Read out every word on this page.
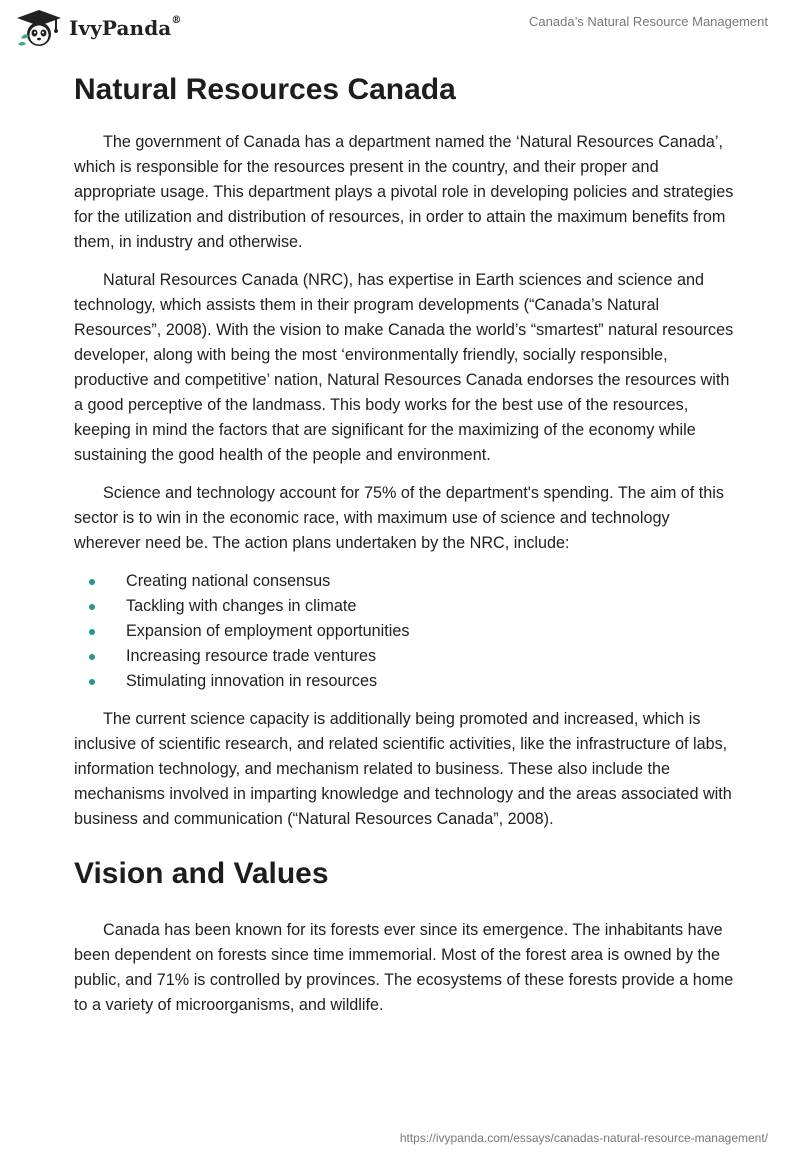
IvyPanda®	Canada’s Natural Resource Management
Natural Resources Canada

The government of Canada has a department named the ‘Natural Resources Canada’, which is responsible for the resources present in the country, and their proper and appropriate usage. This department plays a pivotal role in developing policies and strategies for the utilization and distribution of resources, in order to attain the maximum benefits from them, in industry and otherwise.

Natural Resources Canada (NRC), has expertise in Earth sciences and science and technology, which assists them in their program developments (“Canada’s Natural Resources”, 2008). With the vision to make Canada the world’s “smartest” natural resources developer, along with being the most ‘environmentally friendly, socially responsible, productive and competitive’ nation, Natural Resources Canada endorses the resources with a good perceptive of the landmass. This body works for the best use of the resources, keeping in mind the factors that are significant for the maximizing of the economy while sustaining the good health of the people and environment.

Science and technology account for 75% of the department's spending. The aim of this sector is to win in the economic race, with maximum use of science and technology wherever need be. The action plans undertaken by the NRC, include:

Creating national consensus
Tackling with changes in climate
Expansion of employment opportunities
Increasing resource trade ventures
Stimulating innovation in resources

The current science capacity is additionally being promoted and increased, which is inclusive of scientific research, and related scientific activities, like the infrastructure of labs, information technology, and mechanism related to business. These also include the mechanisms involved in imparting knowledge and technology and the areas associated with business and communication (“Natural Resources Canada”, 2008).

Vision and Values

Canada has been known for its forests ever since its emergence. The inhabitants have been dependent on forests since time immemorial. Most of the forest area is owned by the public, and 71% is controlled by provinces. The ecosystems of these forests provide a home to a variety of microorganisms, and wildlife.

https://ivypanda.com/essays/canadas-natural-resource-management/
